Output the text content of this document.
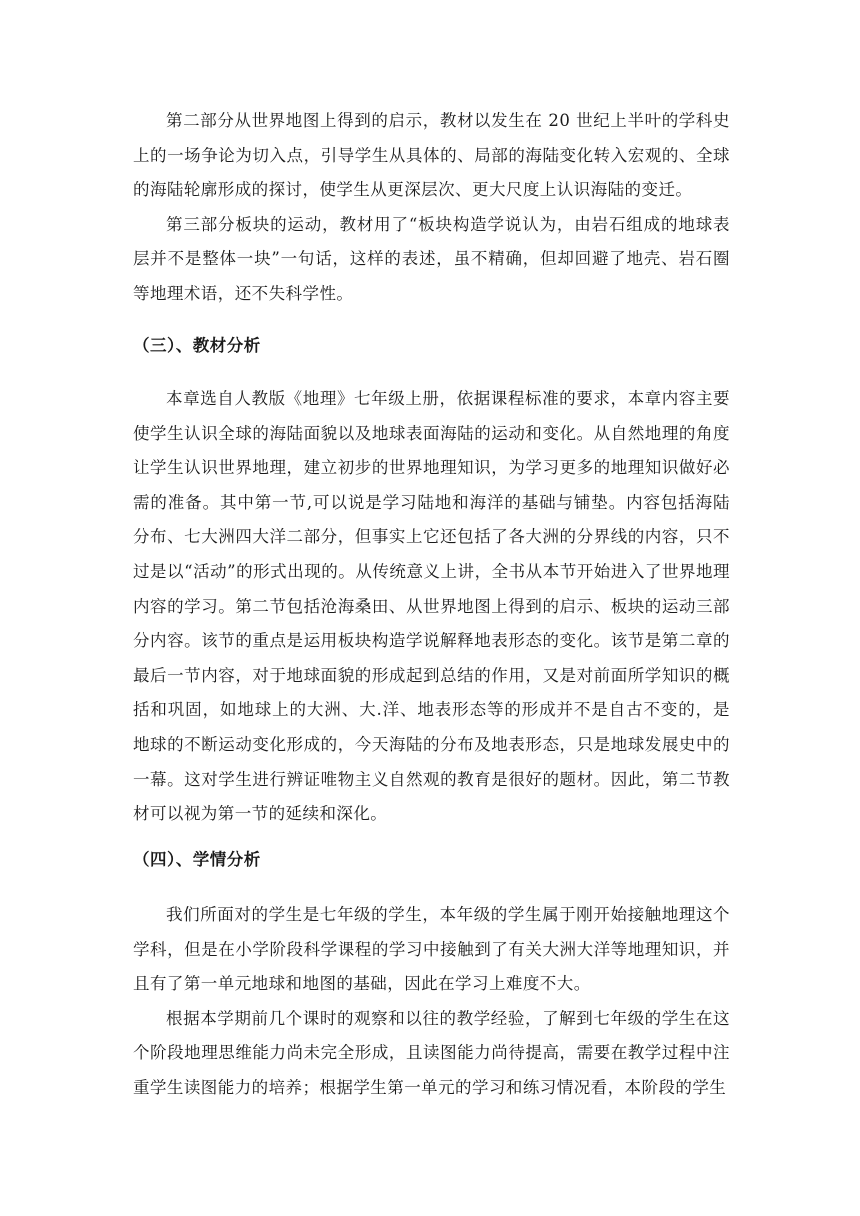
第二部分从世界地图上得到的启示，教材以发生在 20 世纪上半叶的学科史上的一场争论为切入点，引导学生从具体的、局部的海陆变化转入宏观的、全球的海陆轮廓形成的探讨，使学生从更深层次、更大尺度上认识海陆的变迁。

第三部分板块的运动，教材用了“板块构造学说认为，由岩石组成的地球表层并不是整体一块”一句话，这样的表述，虽不精确，但却回避了地壳、岩石圈等地理术语，还不失科学性。

（三）、教材分析

本章选自人教版《地理》七年级上册，依据课程标准的要求，本章内容主要使学生认识全球的海陆面貌以及地球表面海陆的运动和变化。从自然地理的角度让学生认识世界地理，建立初步的世界地理知识，为学习更多的地理知识做好必需的准备。其中第一节,可以说是学习陆地和海洋的基础与铺垫。内容包括海陆分布、七大洲四大洋二部分，但事实上它还包括了各大洲的分界线的内容，只不过是以“活动”的形式出现的。从传统意义上讲，全书从本节开始进入了世界地理内容的学习。第二节包括沧海桑田、从世界地图上得到的启示、板块的运动三部分内容。该节的重点是运用板块构造学说解释地表形态的变化。该节是第二章的最后一节内容，对于地球面貌的形成起到总结的作用，又是对前面所学知识的概括和巩固，如地球上的大洲、大.洋、地表形态等的形成并不是自古不变的，是地球的不断运动变化形成的，今天海陆的分布及地表形态，只是地球发展史中的一幕。这对学生进行辨证唯物主义自然观的教育是很好的题材。因此，第二节教材可以视为第一节的延续和深化。

（四）、学情分析

我们所面对的学生是七年级的学生，本年级的学生属于刚开始接触地理这个学科，但是在小学阶段科学课程的学习中接触到了有关大洲大洋等地理知识，并且有了第一单元地球和地图的基础，因此在学习上难度不大。

根据本学期前几个课时的观察和以往的教学经验，了解到七年级的学生在这个阶段地理思维能力尚未完全形成，且读图能力尚待提高，需要在教学过程中注重学生读图能力的培养；根据学生第一单元的学习和练习情况看，本阶段的学生
